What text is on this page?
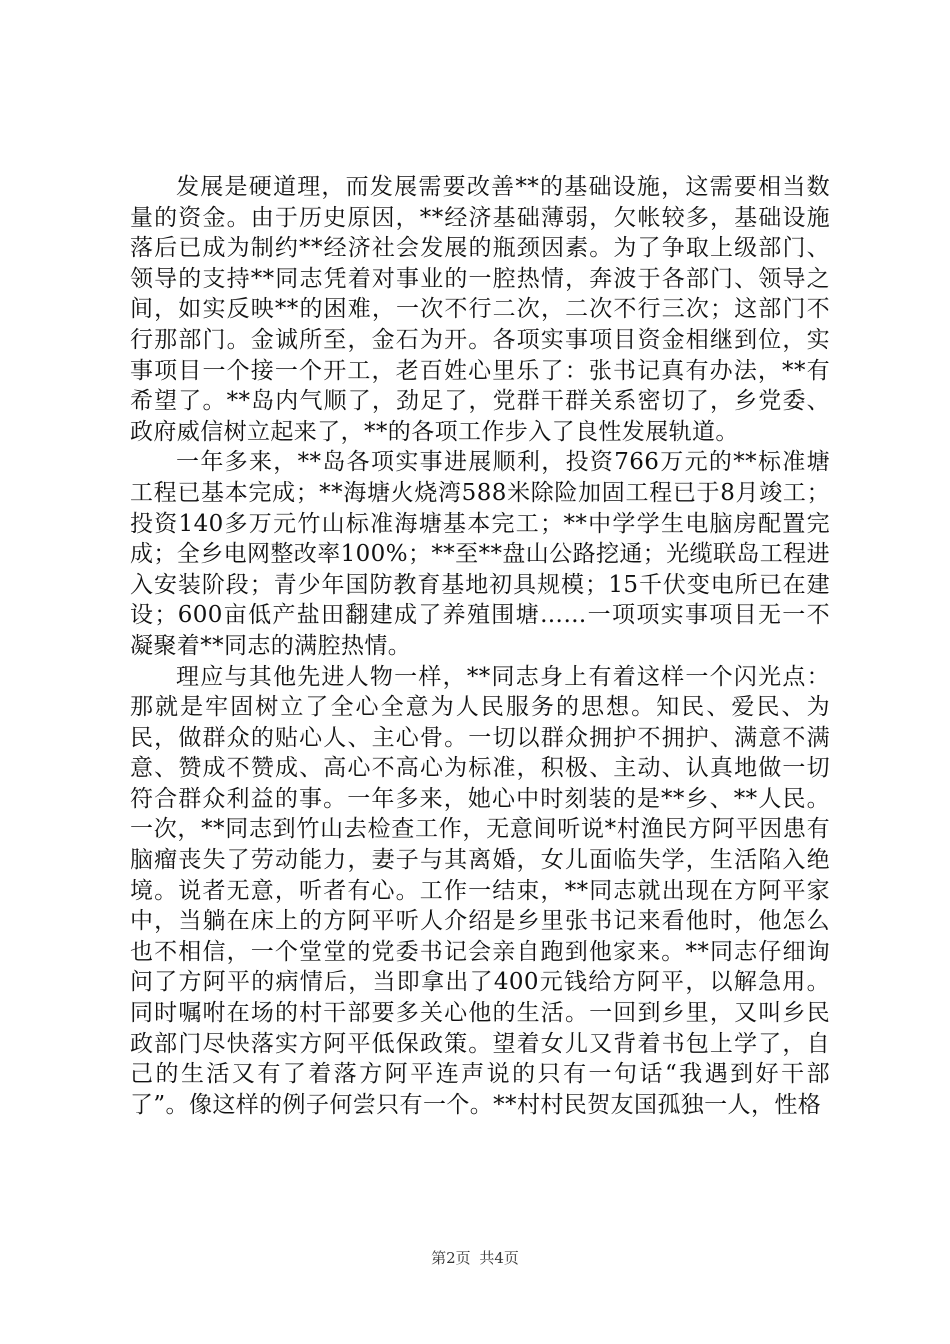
发展是硬道理，而发展需要改善**的基础设施，这需要相当数量的资金。由于历史原因，**经济基础薄弱，欠帐较多，基础设施落后已成为制约**经济社会发展的瓶颈因素。为了争取上级部门、领导的支持**同志凭着对事业的一腔热情，奔波于各部门、领导之间，如实反映**的困难，一次不行二次，二次不行三次；这部门不行那部门。金诚所至，金石为开。各项实事项目资金相继到位，实事项目一个接一个开工，老百姓心里乐了：张书记真有办法，**有希望了。**岛内气顺了，劲足了，党群干群关系密切了，乡党委、政府威信树立起来了，**的各项工作步入了良性发展轨道。

一年多来，**岛各项实事进展顺利，投资766万元的**标准塘工程已基本完成；**海塘火烧湾588米除险加固工程已于8月竣工；投资140多万元竹山标准海塘基本完工；**中学学生电脑房配置完成；全乡电网整改率100%；**至**盘山公路挖通；光缆联岛工程进入安装阶段；青少年国防教育基地初具规模；15千伏变电所已在建设；600亩低产盐田翻建成了养殖围塘……一项项实事项目无一不凝聚着**同志的满腔热情。

理应与其他先进人物一样，**同志身上有着这样一个闪光点：那就是牢固树立了全心全意为人民服务的思想。知民、爱民、为民，做群众的贴心人、主心骨。一切以群众拥护不拥护、满意不满意、赞成不赞成、高心不高心为标准，积极、主动、认真地做一切符合群众利益的事。一年多来，她心中时刻装的是**乡、**人民。一次，**同志到竹山去检查工作，无意间听说*村渔民方阿平因患有脑瘤丧失了劳动能力，妻子与其离婚，女儿面临失学，生活陷入绝境。说者无意，听者有心。工作一结束，**同志就出现在方阿平家中，当躺在床上的方阿平听人介绍是乡里张书记来看他时，他怎么也不相信，一个堂堂的党委书记会亲自跑到他家来。**同志仔细询问了方阿平的病情后，当即拿出了400元钱给方阿平，以解急用。同时嘱咐在场的村干部要多关心他的生活。一回到乡里，又叫乡民政部门尽快落实方阿平低保政策。望着女儿又背着书包上学了，自己的生活又有了着落方阿平连声说的只有一句话“我遇到好干部了”。像这样的例子何尝只有一个。**村村民贺友国孤独一人，性格

第2页 共4页
